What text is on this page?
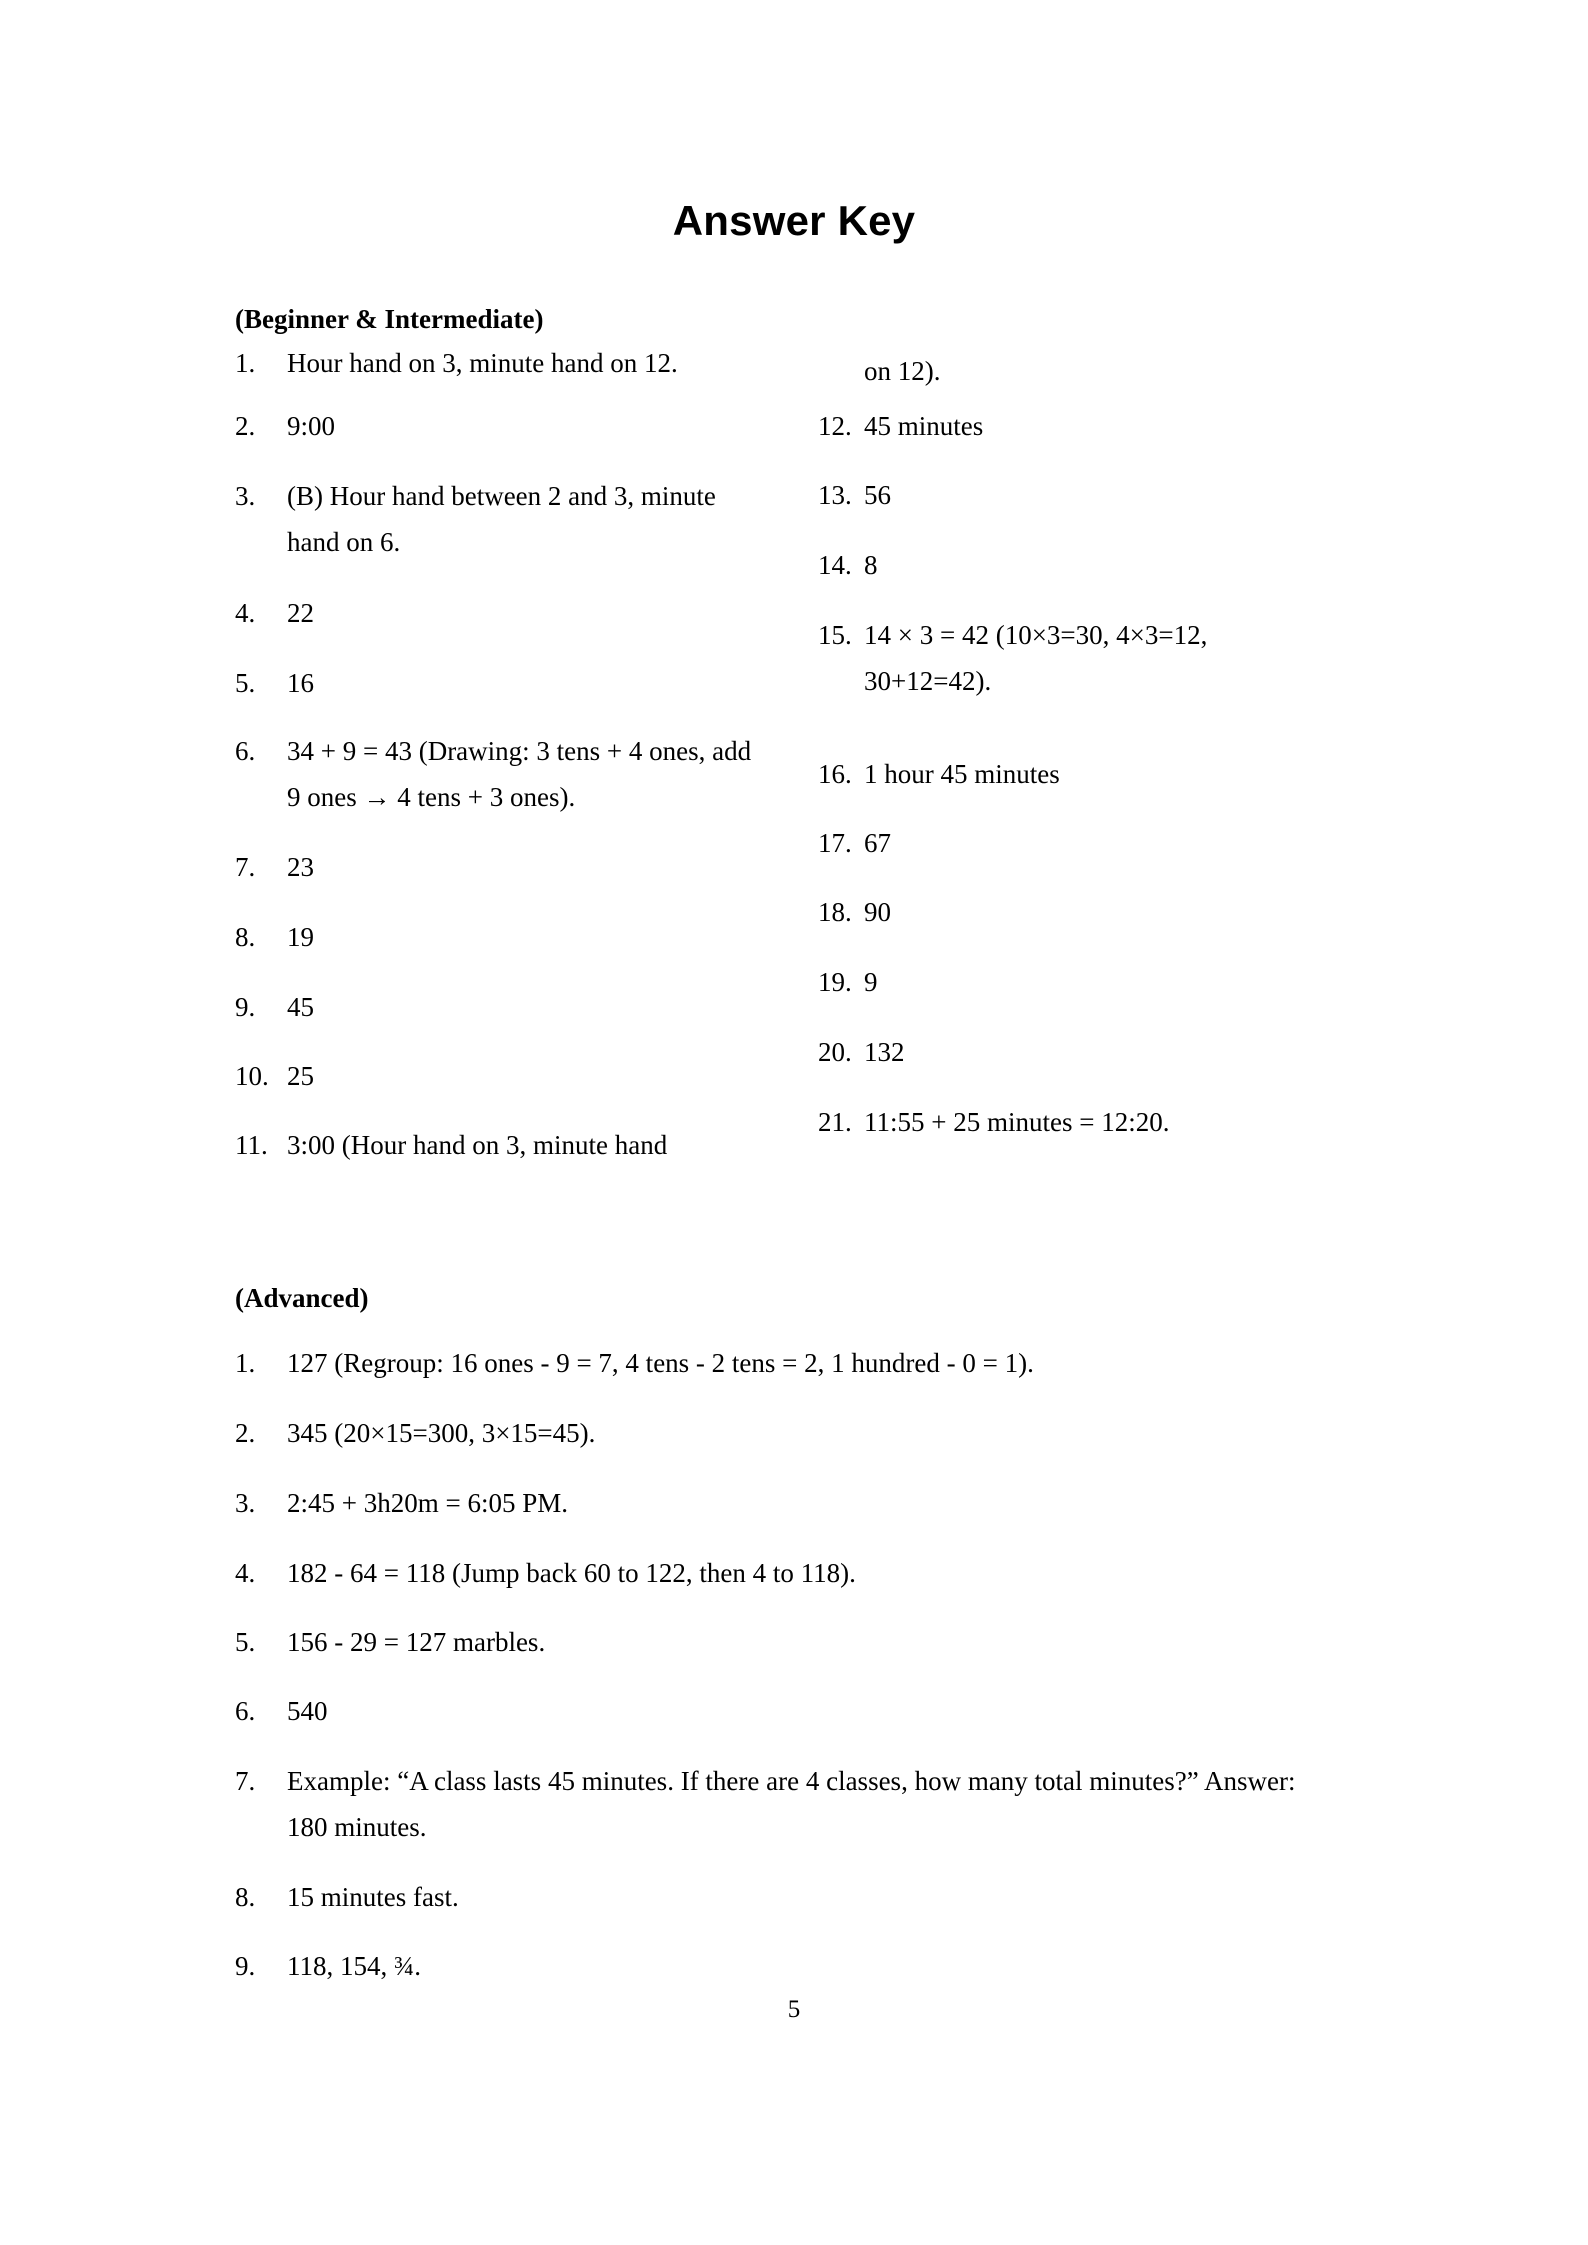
Answer Key
(Beginner & Intermediate)
1.	Hour hand on 3, minute hand on 12.
2.	9:00
3.	(B) Hour hand between 2 and 3, minute hand on 6.
4.	22
5.	16
6.	34 + 9 = 43 (Drawing: 3 tens + 4 ones, add 9 ones → 4 tens + 3 ones).
7.	23
8.	19
9.	45
10. 25
11. 3:00 (Hour hand on 3, minute hand
on 12).
12. 45 minutes
13. 56
14. 8
15. 14 × 3 = 42 (10×3=30, 4×3=12, 30+12=42).
16. 1 hour 45 minutes
17. 67
18. 90
19. 9
20. 132
21. 11:55 + 25 minutes = 12:20.
(Advanced)
1.	127 (Regroup: 16 ones - 9 = 7, 4 tens - 2 tens = 2, 1 hundred - 0 = 1).
2.	345 (20×15=300, 3×15=45).
3.	2:45 + 3h20m = 6:05 PM.
4.	182 - 64 = 118 (Jump back 60 to 122, then 4 to 118).
5.	156 - 29 = 127 marbles.
6.	540
7.	Example: “A class lasts 45 minutes. If there are 4 classes, how many total minutes?” Answer: 180 minutes.
8.	15 minutes fast.
9.	118, 154, ¾.
5
